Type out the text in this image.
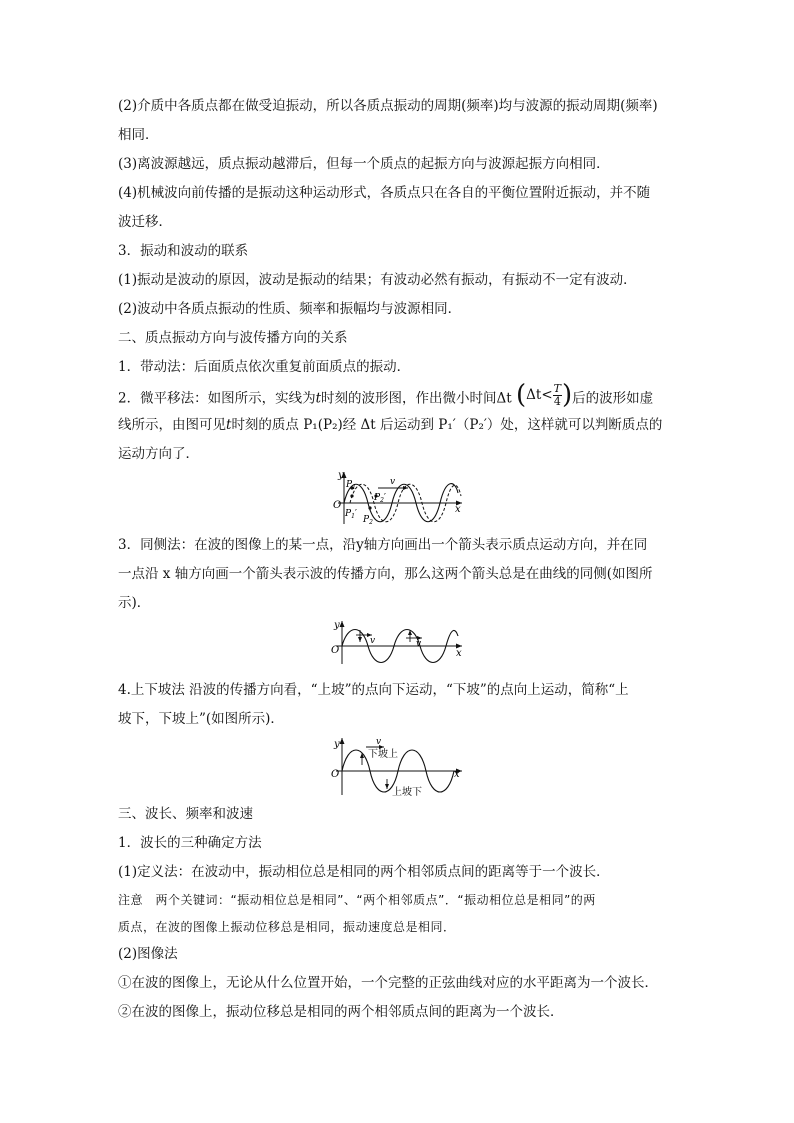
(2)介质中各质点都在做受迫振动，所以各质点振动的周期(频率)均与波源的振动周期(频率)

相同．

(3)离波源越远，质点振动越滞后，但每一个质点的起振方向与波源起振方向相同．

(4)机械波向前传播的是振动这种运动形式，各质点只在各自的平衡位置附近振动，并不随

波迁移．

3．振动和波动的联系

(1)振动是波动的原因，波动是振动的结果；有波动必然有振动，有振动不一定有波动．

(2)波动中各质点振动的性质、频率和振幅均与波源相同．

二、质点振动方向与波传播方向的关系

1．带动法：后面质点依次重复前面质点的振动．

2．微平移法：如图所示，实线为t时刻的波形图，作出微小时间Δt ($\Delta t< \frac{T}{4}$ )后的波形如虚
线所示，由图可见t时刻的质点 P₁(P₂)经 Δt 后运动到 P₁′（P₂′）处，这样就可以判断质点的

运动方向了．

y
x
O
v
$P_1$
$P_1'$
$P_2$
$P_2'$

3．同侧法：在波的图像上的某一点，沿y轴方向画出一个箭头表示质点运动方向，并在同

一点沿 x 轴方向画一个箭头表示波的传播方向，那么这两个箭头总是在曲线的同侧(如图所

示)．

y
x
O
v	v

4.上下坡法 沿波的传播方向看，“上坡”的点向下运动，“下坡”的点向上运动，简称“上

坡下，下坡上”(如图所示)．

y
x
O
v
下坡上
上坡下

三、波长、频率和波速

1．波长的三种确定方法

(1)定义法：在波动中，振动相位总是相同的两个相邻质点间的距离等于一个波长．

注意　两个关键词：“振动相位总是相同”、“两个相邻质点”．“振动相位总是相同”的两

质点，在波的图像上振动位移总是相同，振动速度总是相同．

(2)图像法

①在波的图像上，无论从什么位置开始，一个完整的正弦曲线对应的水平距离为一个波长．

②在波的图像上，振动位移总是相同的两个相邻质点间的距离为一个波长．
